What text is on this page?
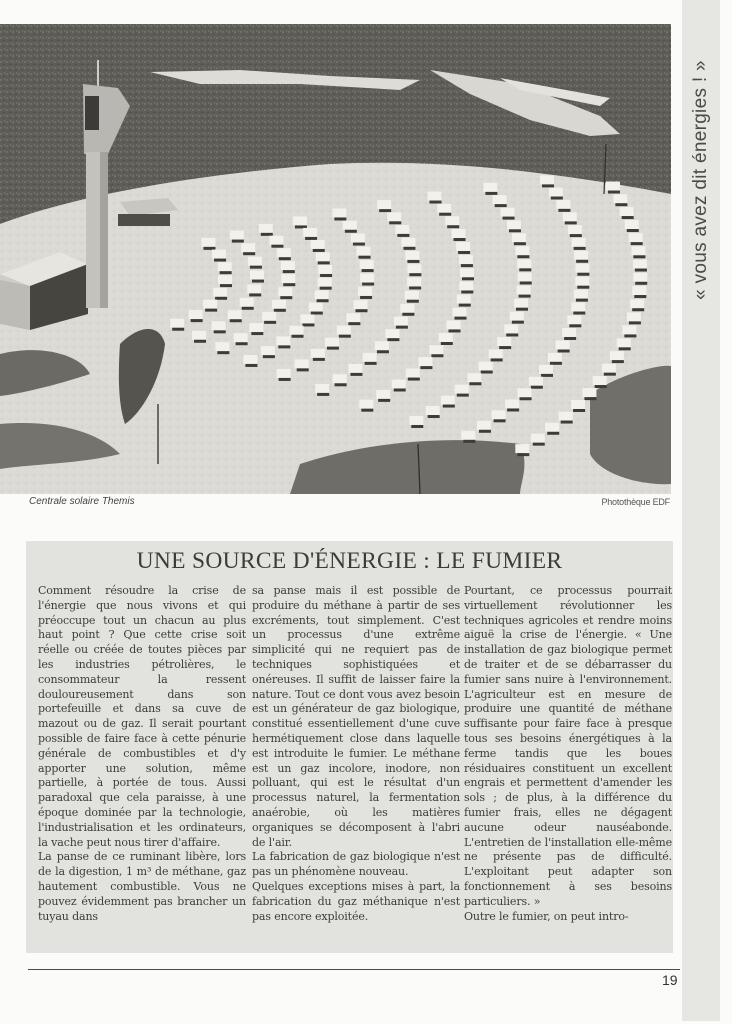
Centrale solaire Themis	Photothèque EDF
UNE SOURCE D'ÉNERGIE : LE FUMIER

Comment résoudre la crise de l'énergie que nous vivons et qui préoccupe tout un chacun au plus haut point ? Que cette crise soit réelle ou créée de toutes pièces par les industries pétrolières, le consommateur la ressent douloureusement dans son portefeuille et dans sa cuve de mazout ou de gaz. Il serait pourtant possible de faire face à cette pénurie générale de combustibles et d'y apporter une solution, même partielle, à portée de tous. Aussi paradoxal que cela paraisse, à une époque dominée par la technologie, l'industrialisation et les ordinateurs, la vache peut nous tirer d'affaire.

La panse de ce ruminant libère, lors de la digestion, 1 m³ de méthane, gaz hautement combustible. Vous ne pouvez évidemment pas brancher un tuyau dans

sa panse mais il est possible de produire du méthane à partir de ses excréments, tout simplement. C'est un processus d'une extrême simplicité qui ne requiert pas de techniques sophistiquées et onéreuses. Il suffit de laisser faire la nature. Tout ce dont vous avez besoin est un générateur de gaz biologique, constitué essentiellement d'une cuve hermétiquement close dans laquelle est introduite le fumier. Le méthane est un gaz incolore, inodore, non polluant, qui est le résultat d'un processus naturel, la fermentation anaérobie, où les matières organiques se décomposent à l'abri de l'air.

La fabrication de gaz biologique n'est pas un phénomène nouveau.

Quelques exceptions mises à part, la fabrication du gaz méthanique n'est pas encore exploitée.

Pourtant, ce processus pourrait virtuellement révolutionner les techniques agricoles et rendre moins aiguë la crise de l'énergie. « Une installation de gaz biologique permet de traiter et de se débarrasser du fumier sans nuire à l'environnement. L'agriculteur est en mesure de produire une quantité de méthane suffisante pour faire face à presque tous ses besoins énergétiques à la ferme tandis que les boues résiduaires constituent un excellent engrais et permettent d'amender les sols ; de plus, à la différence du fumier frais, elles ne dégagent aucune odeur nauséabonde. L'entretien de l'installation elle-même ne présente pas de difficulté. L'exploitant peut adapter son fonctionnement à ses besoins particuliers. »

Outre le fumier, on peut intro-

19
« vous avez dit énergies ! »
